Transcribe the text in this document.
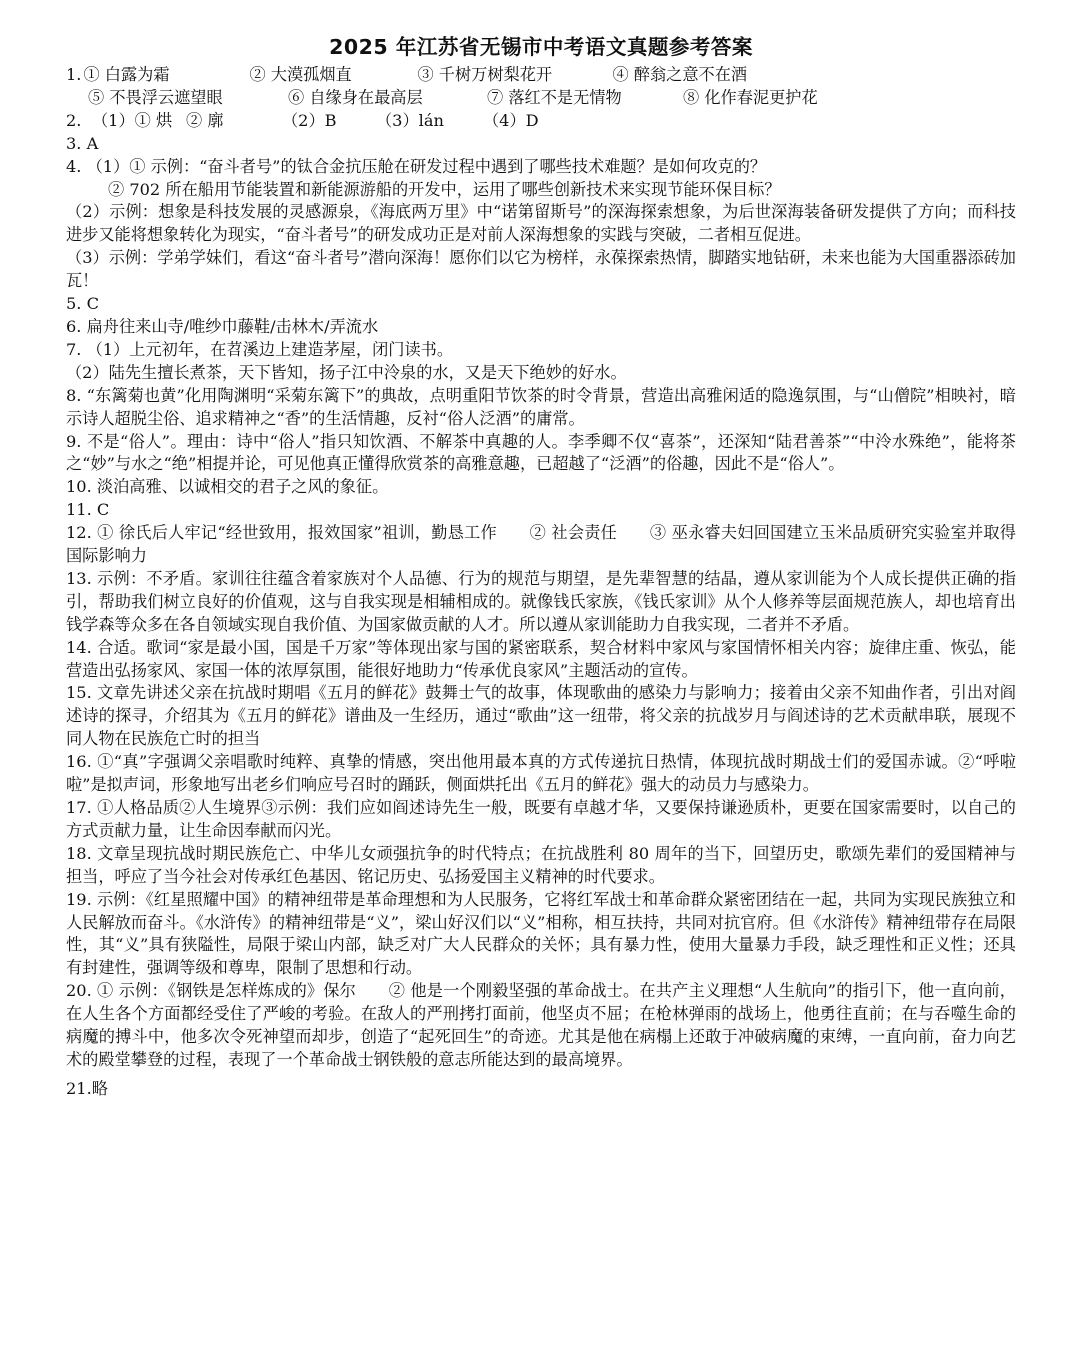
2025 年江苏省无锡市中考语文真题参考答案
1. ① 白露为霜	② 大漠孤烟直	③ 千树万树梨花开	④ 醉翁之意不在酒
⑤ 不畏浮云遮望眼	⑥ 自缘身在最高层	⑦ 落红不是无情物	⑧ 化作春泥更护花
2. （1）① 烘 ② 廓	（2）B	（3）lán	（4）D
3. A
4. （1）① 示例：“奋斗者号”的钛合金抗压舱在研发过程中遇到了哪些技术难题？是如何攻克的？
② 702 所在船用节能装置和新能源游船的开发中，运用了哪些创新技术来实现节能环保目标？
（2）示例：想象是科技发展的灵感源泉，《海底两万里》中“诺第留斯号”的深海探索想象，为后世深海装备研发提供了方向；而科技进步又能将想象转化为现实，“奋斗者号”的研发成功正是对前人深海想象的实践与突破，二者相互促进。
（3）示例：学弟学妹们，看这“奋斗者号”潜向深海！愿你们以它为榜样，永葆探索热情，脚踏实地钻研，未来也能为大国重器添砖加瓦！
5. C
6. 扁舟往来山寺/唯纱巾藤鞋/击林木/弄流水
7. （1）上元初年，在苕溪边上建造茅屋，闭门读书。
（2）陆先生擅长煮茶，天下皆知，扬子江中泠泉的水，又是天下绝妙的好水。
8. “东篱菊也黄”化用陶渊明“采菊东篱下”的典故，点明重阳节饮茶的时令背景，营造出高雅闲适的隐逸氛围，与“山僧院”相映衬，暗示诗人超脱尘俗、追求精神之“香”的生活情趣，反衬“俗人泛酒”的庸常。
9. 不是“俗人”。理由：诗中“俗人”指只知饮酒、不解茶中真趣的人。李季卿不仅“喜茶”，还深知“陆君善茶”“中泠水殊绝”，能将茶之“妙”与水之“绝”相提并论，可见他真正懂得欣赏茶的高雅意趣，已超越了“泛酒”的俗趣，因此不是“俗人”。
10. 淡泊高雅、以诚相交的君子之风的象征。
11. C
12. ① 徐氏后人牢记“经世致用，报效国家”祖训，勤恳工作　　② 社会责任　　③ 巫永睿夫妇回国建立玉米品质研究实验室并取得国际影响力
13. 示例：不矛盾。家训往往蕴含着家族对个人品德、行为的规范与期望，是先辈智慧的结晶，遵从家训能为个人成长提供正确的指引，帮助我们树立良好的价值观，这与自我实现是相辅相成的。就像钱氏家族，《钱氏家训》从个人修养等层面规范族人，却也培育出钱学森等众多在各自领域实现自我价值、为国家做贡献的人才。所以遵从家训能助力自我实现，二者并不矛盾。
14. 合适。歌词“家是最小国，国是千万家”等体现出家与国的紧密联系，契合材料中家风与家国情怀相关内容；旋律庄重、恢弘，能营造出弘扬家风、家国一体的浓厚氛围，能很好地助力“传承优良家风”主题活动的宣传。
15. 文章先讲述父亲在抗战时期唱《五月的鲜花》鼓舞士气的故事，体现歌曲的感染力与影响力；接着由父亲不知曲作者，引出对阎述诗的探寻，介绍其为《五月的鲜花》谱曲及一生经历，通过“歌曲”这一纽带，将父亲的抗战岁月与阎述诗的艺术贡献串联，展现不同人物在民族危亡时的担当
16. ①“真”字强调父亲唱歌时纯粹、真挚的情感，突出他用最本真的方式传递抗日热情，体现抗战时期战士们的爱国赤诚。②“呼啦啦”是拟声词，形象地写出老乡们响应号召时的踊跃，侧面烘托出《五月的鲜花》强大的动员力与感染力。
17. ①人格品质②人生境界③示例：我们应如阎述诗先生一般，既要有卓越才华，又要保持谦逊质朴，更要在国家需要时，以自己的方式贡献力量，让生命因奉献而闪光。
18. 文章呈现抗战时期民族危亡、中华儿女顽强抗争的时代特点；在抗战胜利 80 周年的当下，回望历史，歌颂先辈们的爱国精神与担当，呼应了当今社会对传承红色基因、铭记历史、弘扬爱国主义精神的时代要求。
19. 示例：《红星照耀中国》的精神纽带是革命理想和为人民服务，它将红军战士和革命群众紧密团结在一起，共同为实现民族独立和人民解放而奋斗。《水浒传》的精神纽带是“义”，梁山好汉们以“义”相称，相互扶持，共同对抗官府。但《水浒传》精神纽带存在局限性，其“义”具有狭隘性，局限于梁山内部，缺乏对广大人民群众的关怀；具有暴力性，使用大量暴力手段，缺乏理性和正义性；还具有封建性，强调等级和尊卑，限制了思想和行动。
20. ① 示例：《钢铁是怎样炼成的》保尔　　② 他是一个刚毅坚强的革命战士。在共产主义理想“人生航向”的指引下，他一直向前，在人生各个方面都经受住了严峻的考验。在敌人的严刑拷打面前，他坚贞不屈；在枪林弹雨的战场上，他勇往直前；在与吞噬生命的病魔的搏斗中，他多次令死神望而却步，创造了“起死回生”的奇迹。尤其是他在病榻上还敢于冲破病魔的束缚，一直向前，奋力向艺术的殿堂攀登的过程，表现了一个革命战士钢铁般的意志所能达到的最高境界。
21.略
